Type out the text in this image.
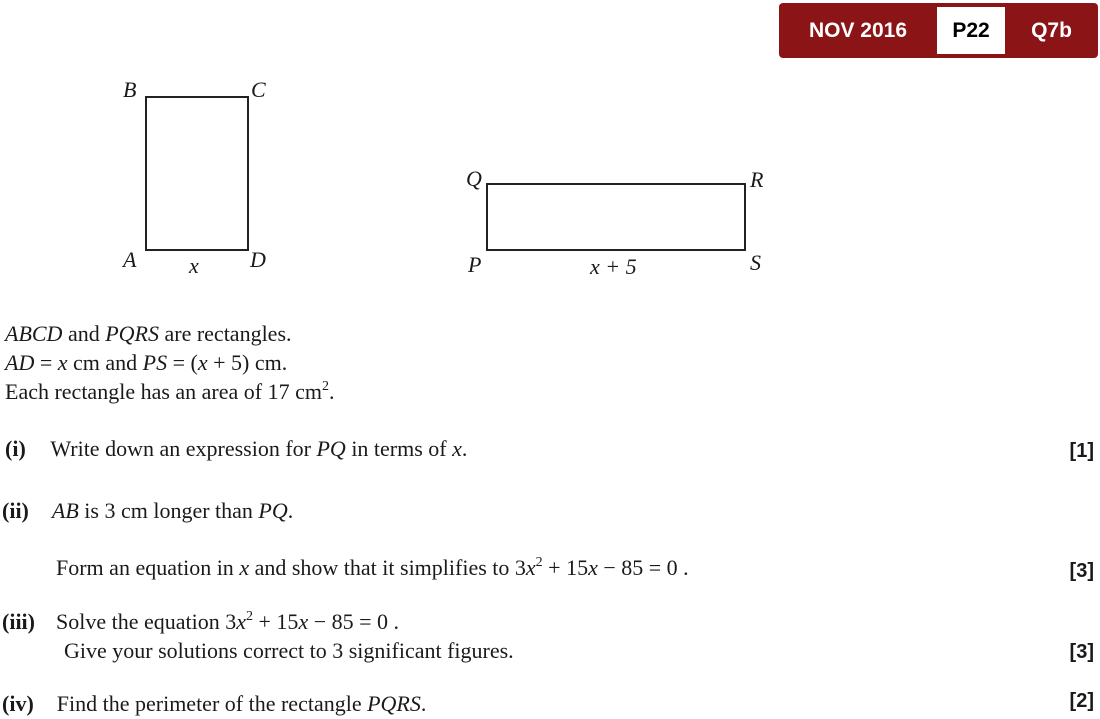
NOV 2016	P22	Q7b
B	C
A	D
x
Q	R
P	S
x + 5
ABCD and PQRS are rectangles.
AD = x cm and PS = (x + 5) cm.
Each rectangle has an area of 17 $cm^2$.
(i) Write down an expression for PQ in terms of x.	[1]
(ii) AB is 3 cm longer than PQ.
Form an equation in x and show that it simplifies to $3x^2 + 15x - 85 = 0$ .	[3]
(iii) Solve the equation $3x^2 + 15x - 85 = 0$ .
Give your solutions correct to 3 significant figures.	[3]
(iv) Find the perimeter of the rectangle PQRS.	[2]
